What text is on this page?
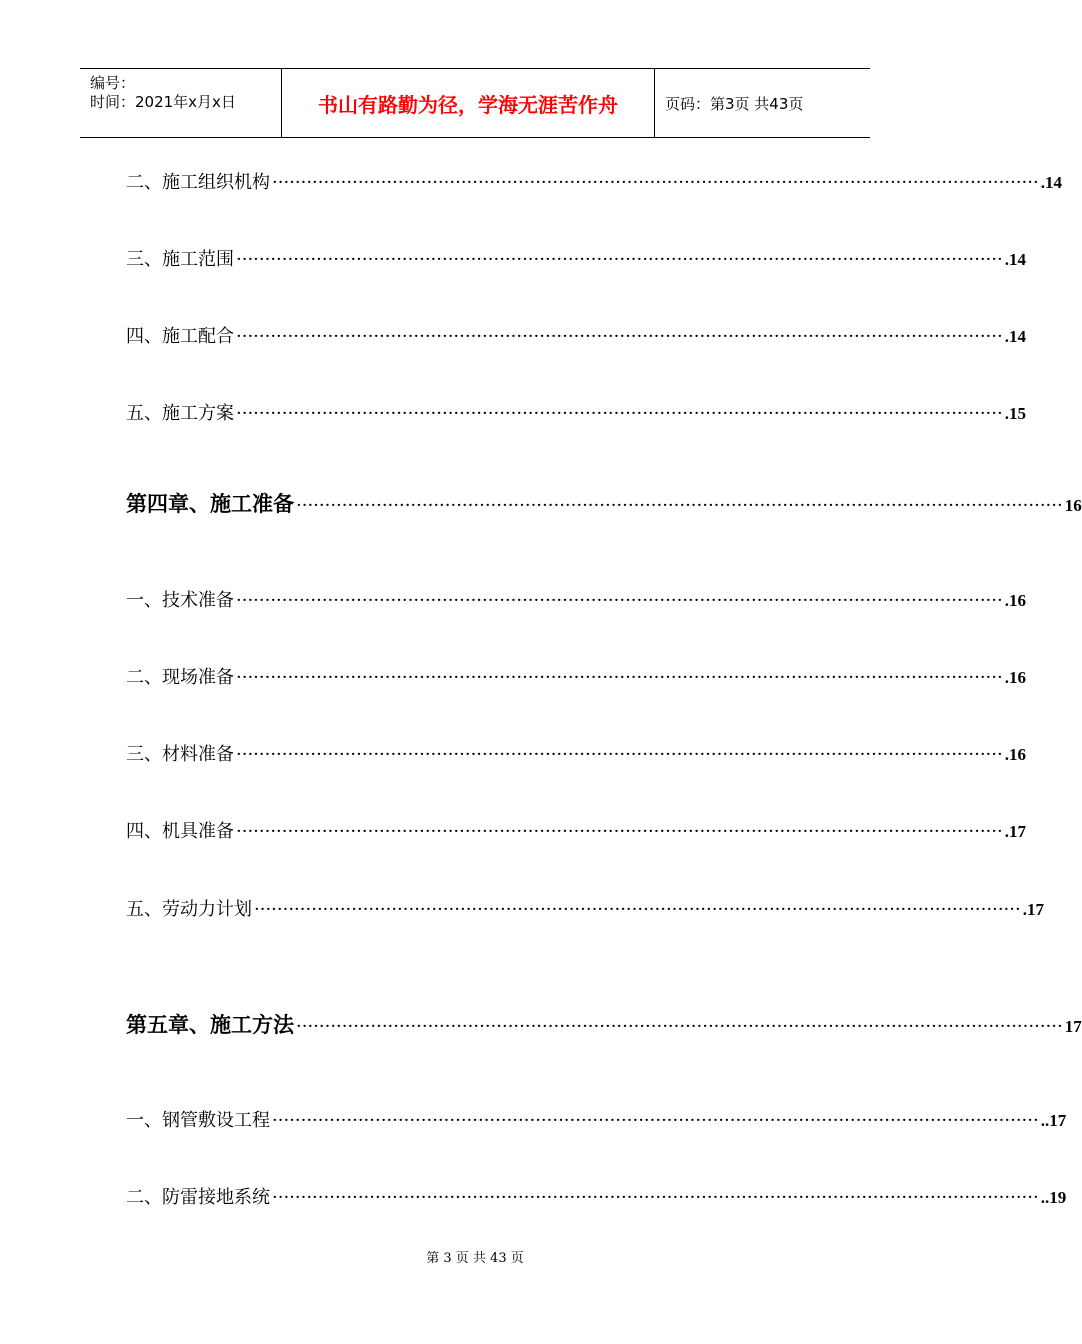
编号：
时间：2021年x月x日	书山有路勤为径，学海无涯苦作舟	页码：第3页 共43页
二、施工组织机构 ······································································································································ .14
三、施工范围 ······································································································································ .14
四、施工配合 ······································································································································ .14
五、施工方案 ······································································································································ .15
第四章、施工准备 ······································································································································ 16
一、技术准备 ······································································································································ .16
二、现场准备 ······································································································································ .16
三、材料准备 ······································································································································ .16
四、机具准备 ······································································································································ .17
五、劳动力计划 ······································································································································ .17
第五章、施工方法 ······································································································································ 17
一、钢管敷设工程 ······································································································································ ..17
二、防雷接地系统 ······································································································································ ..19
第 3 页 共 43 页
